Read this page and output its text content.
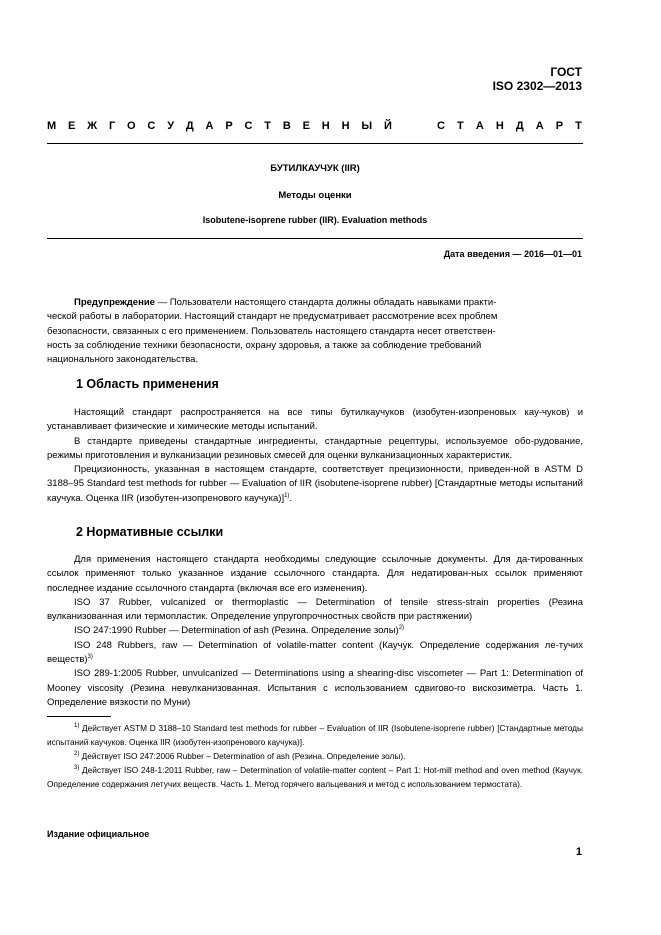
ГОСТ
ISO 2302—2013
М Е Ж Г О С У Д А Р С Т В Е Н Н Ы Й	С Т А Н Д А Р Т
БУТИЛКАУЧУК (IIR)
Методы оценки
Isobutene-isoprene rubber (IIR). Evaluation methods
Дата введения — 2016—01—01

Предупреждение — Пользователи настоящего стандарта должны обладать навыками практи-

ческой работы в лаборатории. Настоящий стандарт не предусматривает рассмотрение всех проблем

безопасности, связанных с его применением. Пользователь настоящего стандарта несет ответствен-

ность за соблюдение техники безопасности, охрану здоровья, а также за соблюдение требований

национального законодательства.

1 Область применения

Настоящий стандарт распространяется на все типы бутилкаучуков (изобутен-изопреновых кау-чуков) и устанавливает физические и химические методы испытаний.

В стандарте приведены стандартные ингредиенты, стандартные рецептуры, используемое обо-рудование, режимы приготовления и вулканизации резиновых смесей для оценки вулканизационных характеристик.

Прецизионность, указанная в настоящем стандарте, соответствует прецизионности, приведен-ной в ASTM D 3188–95 Standard test methods for rubber — Evaluation of IIR (isobutene-isoprene rubber) [Стандартные методы испытаний каучука. Оценка IIR (изобутен-изопренового каучука)]$^{1)}$.

2 Нормативные ссылки

Для применения настоящего стандарта необходимы следующие ссылочные документы. Для да-тированных ссылок применяют только указанное издание ссылочного стандарта. Для недатирован-ных ссылок применяют последнее издание ссылочного стандарта (включая все его изменения).

ISO 37 Rubber, vulcanized or thermoplastic — Determination of tensile stress-strain properties (Резина вулканизованная или термопластик. Определение упругопрочностных свойств при растяжении)

ISO 247:1990 Rubber — Determination of ash (Резина. Определение золы)$^{2)}$

ISO 248 Rubbers, raw — Determination of volatile-matter content (Каучук. Определение содержания ле-тучих веществ)$^{3)}$

ISO 289-1:2005 Rubber, unvulcanized — Determinations using a shearing-disc viscometer — Part 1: Determination of Mooney viscosity (Резина невулканизованная. Испытания с использованием сдвигово-го вискозиметра. Часть 1. Определение вязкости по Муни)

$^{1)}$ Действует ASTM D 3188–10 Standard test methods for rubber – Evaluation of IIR (Isobutene-isoprene rubber) [Стандартные методы испытаний каучуков. Оценка IIR (изобутен-изопренового каучука)].

$^{2)}$ Действует ISO 247:2006 Rubber – Determination of ash (Резина. Определение золы).

$^{3)}$ Действует ISO 248-1:2011 Rubber, raw – Determination of volatile-matter content – Part 1: Hot-mill method and oven method (Каучук. Определение содержания летучих веществ. Часть 1. Метод горячего вальцевания и метод с использованием термостата).

Издание официальное
1
